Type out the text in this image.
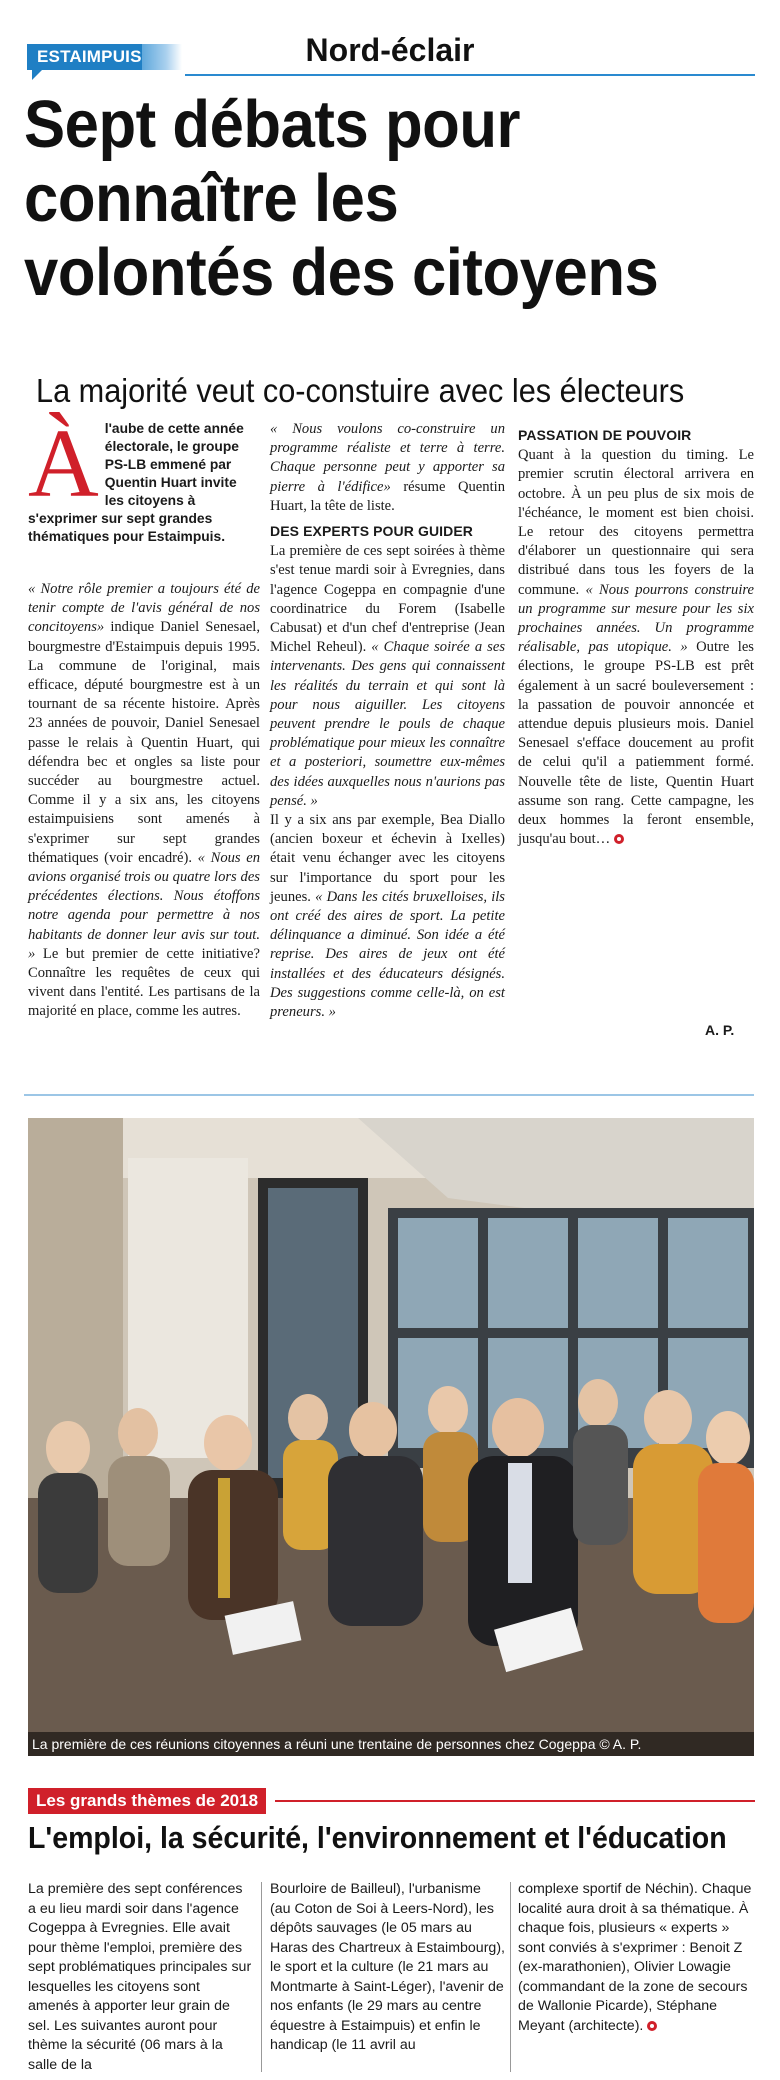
ESTAIMPUIS	Nord-éclair
Sept débats pour
connaître les
volontés des citoyens
La majorité veut co-constuire avec les électeurs
À l'aube de cette année électorale, le groupe PS-LB emmené par Quentin Huart invite les citoyens à s'exprimer sur sept grandes thématiques pour Estaimpuis.

« Notre rôle premier a toujours été de tenir compte de l'avis général de nos concitoyens» indique Daniel Senesael, bourgmestre d'Estaimpuis depuis 1995. La commune de l'original, mais efficace, député bourgmestre est à un tournant de sa récente histoire. Après 23 années de pouvoir, Daniel Senesael passe le relais à Quentin Huart, qui défendra bec et ongles sa liste pour succéder au bourgmestre actuel. Comme il y a six ans, les citoyens estaimpuisiens sont amenés à s'exprimer sur sept grandes thématiques (voir encadré). « Nous en avions organisé trois ou quatre lors des précédentes élections. Nous étoffons notre agenda pour permettre à nos habitants de donner leur avis sur tout. » Le but premier de cette initiative? Connaître les requêtes de ceux qui vivent dans l'entité. Les partisans de la majorité en place, comme les autres.

« Nous voulons co-construire un programme réaliste et terre à terre. Chaque personne peut y apporter sa pierre à l'édifice» résume Quentin Huart, la tête de liste.

DES EXPERTS POUR GUIDER

La première de ces sept soirées à thème s'est tenue mardi soir à Evregnies, dans l'agence Cogeppa en compagnie d'une coordinatrice du Forem (Isabelle Cabusat) et d'un chef d'entreprise (Jean Michel Reheul). « Chaque soirée a ses intervenants. Des gens qui connaissent les réalités du terrain et qui sont là pour nous aiguiller. Les citoyens peuvent prendre le pouls de chaque problématique pour mieux les connaître et a posteriori, soumettre eux-mêmes des idées auxquelles nous n'aurions pas pensé. »

Il y a six ans par exemple, Bea Diallo (ancien boxeur et échevin à Ixelles) était venu échanger avec les citoyens sur l'importance du sport pour les jeunes. « Dans les cités bruxelloises, ils ont créé des aires de sport. La petite délinquance a diminué. Son idée a été reprise. Des aires de jeux ont été installées et des éducateurs désignés. Des suggestions comme celle-là, on est preneurs. »

PASSATION DE POUVOIR

Quant à la question du timing. Le premier scrutin électoral arrivera en octobre. À un peu plus de six mois de l'échéance, le moment est bien choisi. Le retour des citoyens permettra d'élaborer un questionnaire qui sera distribué dans tous les foyers de la commune. « Nous pourrons construire un programme sur mesure pour les six prochaines années. Un programme réalisable, pas utopique. » Outre les élections, le groupe PS-LB est prêt également à un sacré bouleversement : la passation de pouvoir annoncée et attendue depuis plusieurs mois. Daniel Senesael s'efface doucement au profit de celui qu'il a patiemment formé. Nouvelle tête de liste, Quentin Huart assume son rang. Cette campagne, les deux hommes la feront ensemble, jusqu'au bout…

A. P.
La première de ces réunions citoyennes a réuni une trentaine de personnes chez Cogeppa © A. P.
Les grands thèmes de 2018
L'emploi, la sécurité, l'environnement et l'éducation

La première des sept conférences a eu lieu mardi soir dans l'agence Cogeppa à Evregnies. Elle avait pour thème l'emploi, première des sept problématiques principales sur lesquelles les citoyens sont amenés à apporter leur grain de sel. Les suivantes auront pour thème la sécurité (06 mars à la salle de la

Bourloire de Bailleul), l'urbanisme (au Coton de Soi à Leers-Nord), les dépôts sauvages (le 05 mars au Haras des Chartreux à Estaimbourg), le sport et la culture (le 21 mars au Montmarte à Saint-Léger), l'avenir de nos enfants (le 29 mars au centre équestre à Estaimpuis) et enfin le handicap (le 11 avril au

complexe sportif de Néchin). Chaque localité aura droit à sa thématique. À chaque fois, plusieurs « experts » sont conviés à s'exprimer : Benoit Z (ex-marathonien), Olivier Lowagie (commandant de la zone de secours de Wallonie Picarde), Stéphane Meyant (architecte).
